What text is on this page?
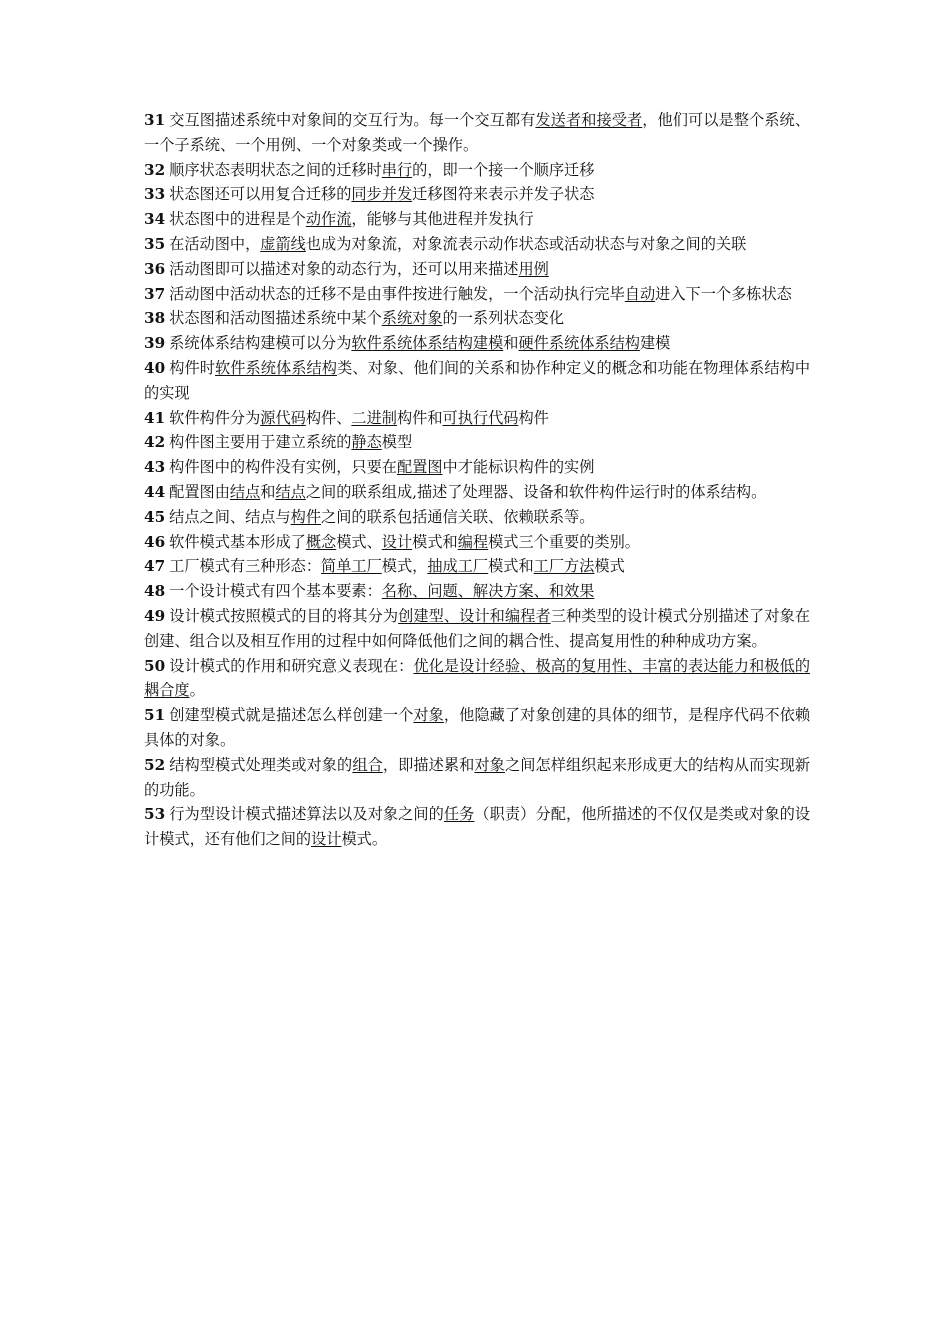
31 交互图描述系统中对象间的交互行为。每一个交互都有发送者和接受者，他们可以是整个系统、一个子系统、一个用例、一个对象类或一个操作。

32 顺序状态表明状态之间的迁移时串行的，即一个接一个顺序迁移

33 状态图还可以用复合迁移的同步并发迁移图符来表示并发子状态

34 状态图中的进程是个动作流，能够与其他进程并发执行

35 在活动图中，虚箭线也成为对象流，对象流表示动作状态或活动状态与对象之间的关联

36 活动图即可以描述对象的动态行为，还可以用来描述用例

37 活动图中活动状态的迁移不是由事件按进行触发，一个活动执行完毕自动进入下一个多栋状态

38 状态图和活动图描述系统中某个系统对象的一系列状态变化

39 系统体系结构建模可以分为软件系统体系结构建模和硬件系统体系结构建模

40 构件时软件系统体系结构类、对象、他们间的关系和协作种定义的概念和功能在物理体系结构中的实现

41 软件构件分为源代码构件、二进制构件和可执行代码构件

42 构件图主要用于建立系统的静态模型

43 构件图中的构件没有实例，只要在配置图中才能标识构件的实例

44 配置图由结点和结点之间的联系组成,描述了处理器、设备和软件构件运行时的体系结构。

45 结点之间、结点与构件之间的联系包括通信关联、依赖联系等。

46 软件模式基本形成了概念模式、设计模式和编程模式三个重要的类别。

47 工厂模式有三种形态：简单工厂模式，抽成工厂模式和工厂方法模式

48 一个设计模式有四个基本要素：名称、问题、解决方案、和效果

49 设计模式按照模式的目的将其分为创建型、设计和编程者三种类型的设计模式分别描述了对象在创建、组合以及相互作用的过程中如何降低他们之间的耦合性、提高复用性的种种成功方案。

50 设计模式的作用和研究意义表现在：优化是设计经验、极高的复用性、丰富的表达能力和极低的耦合度。

51 创建型模式就是描述怎么样创建一个对象，他隐藏了对象创建的具体的细节，是程序代码不依赖具体的对象。

52 结构型模式处理类或对象的组合，即描述累和对象之间怎样组织起来形成更大的结构从而实现新的功能。

53 行为型设计模式描述算法以及对象之间的任务（职责）分配，他所描述的不仅仅是类或对象的设计模式，还有他们之间的设计模式。
